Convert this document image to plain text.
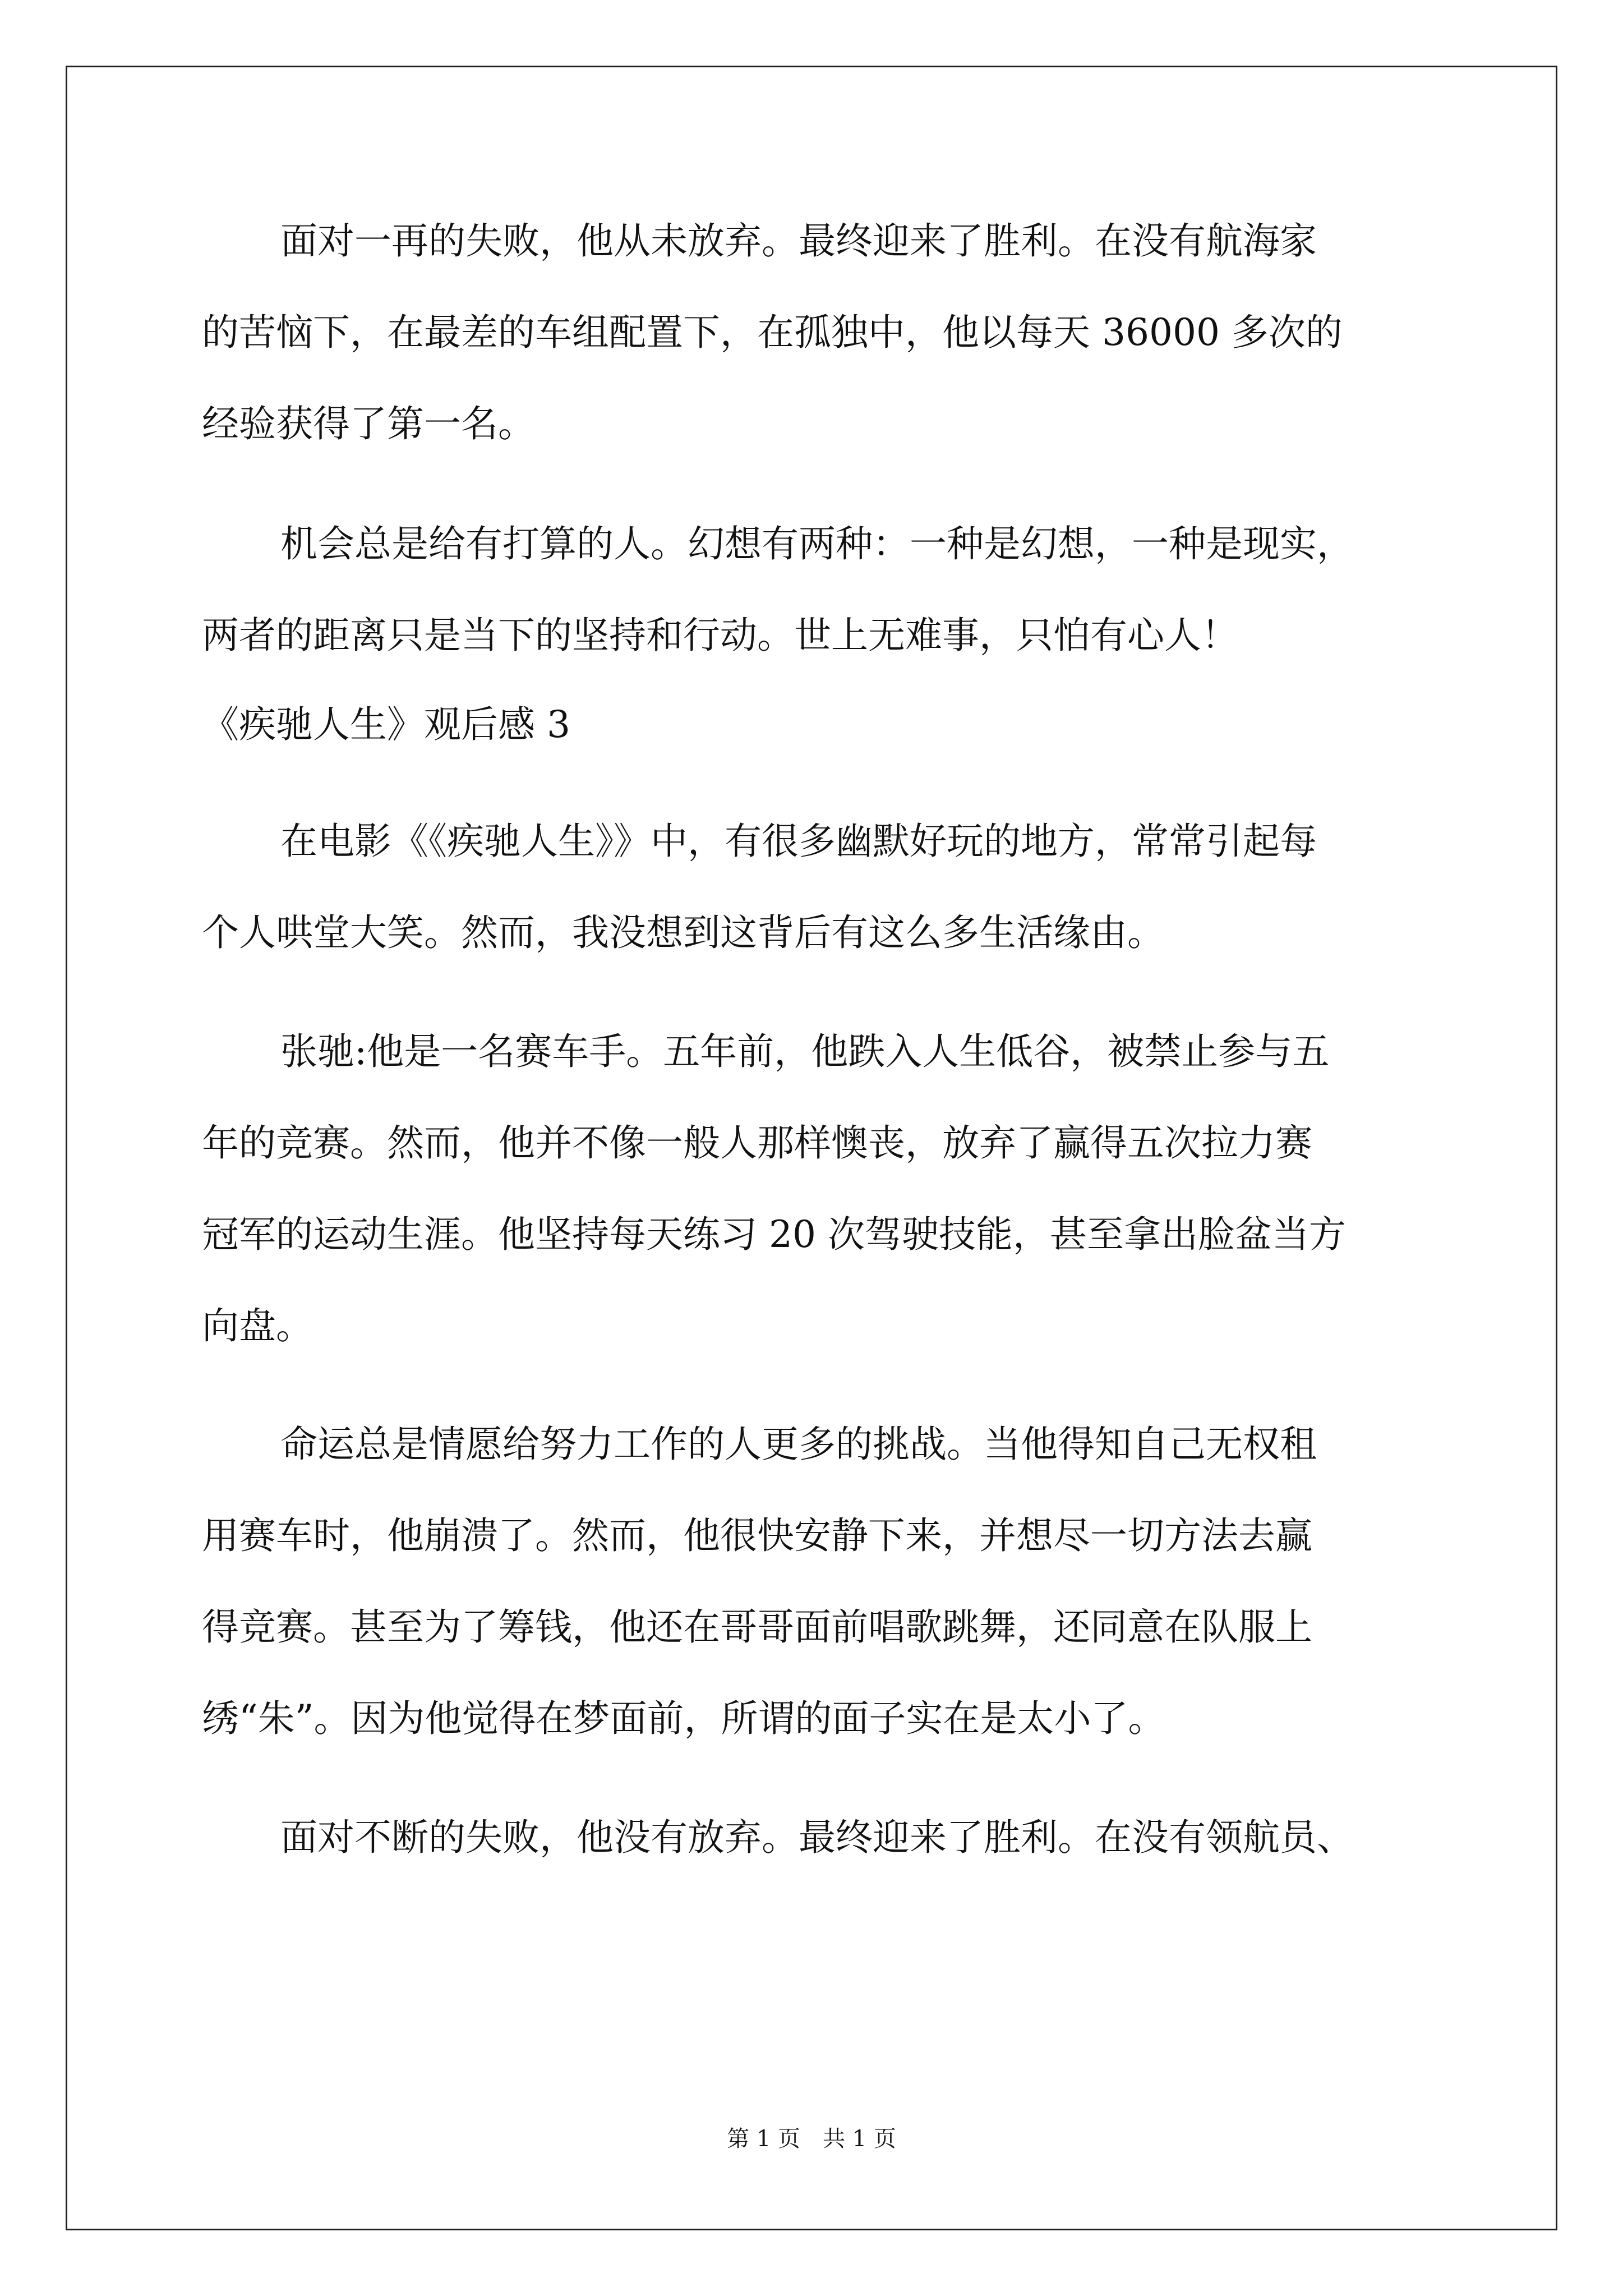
面对一再的失败，他从未放弃。最终迎来了胜利。在没有航海家
的苦恼下，在最差的车组配置下，在孤独中，他以每天 36000 多次的
经验获得了第一名。
机会总是给有打算的人。幻想有两种：一种是幻想，一种是现实，
两者的距离只是当下的坚持和行动。世上无难事，只怕有心人！
《疾驰人生》观后感 3
在电影《《疾驰人生》》中，有很多幽默好玩的地方，常常引起每
个人哄堂大笑。然而，我没想到这背后有这么多生活缘由。
张驰:他是一名赛车手。五年前，他跌入人生低谷，被禁止参与五
年的竞赛。然而，他并不像一般人那样懊丧，放弃了赢得五次拉力赛
冠军的运动生涯。他坚持每天练习 20 次驾驶技能，甚至拿出脸盆当方
向盘。
命运总是情愿给努力工作的人更多的挑战。当他得知自己无权租
用赛车时，他崩溃了。然而，他很快安静下来，并想尽一切方法去赢
得竞赛。甚至为了筹钱，他还在哥哥面前唱歌跳舞，还同意在队服上
绣“朱”。因为他觉得在梦面前，所谓的面子实在是太小了。
面对不断的失败，他没有放弃。最终迎来了胜利。在没有领航员、
第 1 页　共 1 页
